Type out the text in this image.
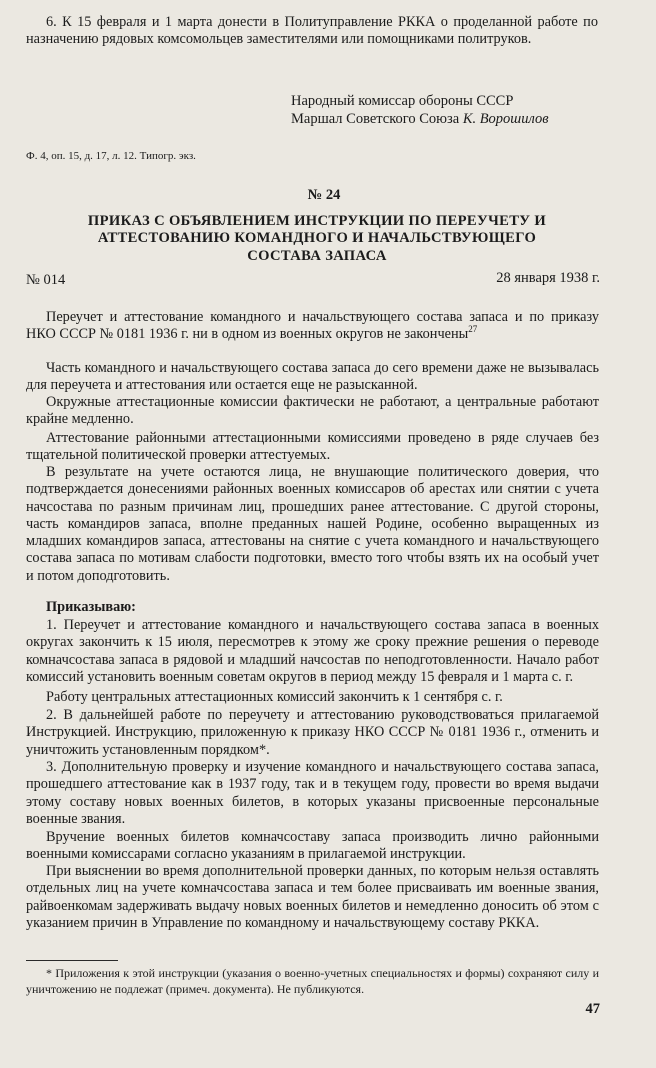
6. К 15 февраля и 1 марта донести в Политуправление РККА о проделанной работе по назначению рядовых комсомольцев заместителями или помощниками политруков.

Народный комиссар обороны СССР
Маршал Советского Союза К. Ворошилов
Ф. 4, оп. 15, д. 17, л. 12. Типогр. экз.
№ 24
ПРИКАЗ С ОБЪЯВЛЕНИЕМ ИНСТРУКЦИИ ПО ПЕРЕУЧЕТУ И АТТЕСТОВАНИЮ КОМАНДНОГО И НАЧАЛЬСТВУЮЩЕГО СОСТАВА ЗАПАСА
№ 014	28 января 1938 г.

Переучет и аттестование командного и начальствующего состава запаса и по приказу НКО СССР № 0181 1936 г. ни в одном из военных округов не закончены$^{27}$

Часть командного и начальствующего состава запаса до сего времени даже не вызывалась для переучета и аттестования или остается еще не разысканной.

Окружные аттестационные комиссии фактически не работают, а центральные работают крайне медленно.

Аттестование районными аттестационными комиссиями проведено в ряде случаев без тщательной политической проверки аттестуемых.

В результате на учете остаются лица, не внушающие политического доверия, что подтверждается донесениями районных военных комиссаров об арестах или снятии с учета начсостава по разным причинам лиц, прошедших ранее аттестование. С другой стороны, часть командиров запаса, вполне преданных нашей Родине, особенно выращенных из младших командиров запаса, аттестованы на снятие с учета командного и начальствующего состава запаса по мотивам слабости подготовки, вместо того чтобы взять их на особый учет и потом доподготовить.

Приказываю:

1. Переучет и аттестование командного и начальствующего состава запаса в военных округах закончить к 15 июля, пересмотрев к этому же сроку прежние решения о переводе комначсостава запаса в рядовой и младший начсостав по неподготовленности. Начало работ комиссий установить военным советам округов в период между 15 февраля и 1 марта с. г.

Работу центральных аттестационных комиссий закончить к 1 сентября с. г.

2. В дальнейшей работе по переучету и аттестованию руководствоваться прилагаемой Инструкцией. Инструкцию, приложенную к приказу НКО СССР № 0181 1936 г., отменить и уничтожить установленным порядком*.

3. Дополнительную проверку и изучение командного и начальствующего состава запаса, прошедшего аттестование как в 1937 году, так и в текущем году, провести во время выдачи этому составу новых военных билетов, в которых указаны присвоенные персональные военные звания.

Вручение военных билетов комначсоставу запаса производить лично районными военными комиссарами согласно указаниям в прилагаемой инструкции.

При выяснении во время дополнительной проверки данных, по которым нельзя оставлять отдельных лиц на учете комначсостава запаса и тем более присваивать им военные звания, райвоенкомам задерживать выдачу новых военных билетов и немедленно доносить об этом с указанием причин в Управление по командному и начальствующему составу РККА.

* Приложения к этой инструкции (указания о военно-учетных специальностях и формы) сохраняют силу и уничтожению не подлежат (примеч. документа). Не публикуются.

47
